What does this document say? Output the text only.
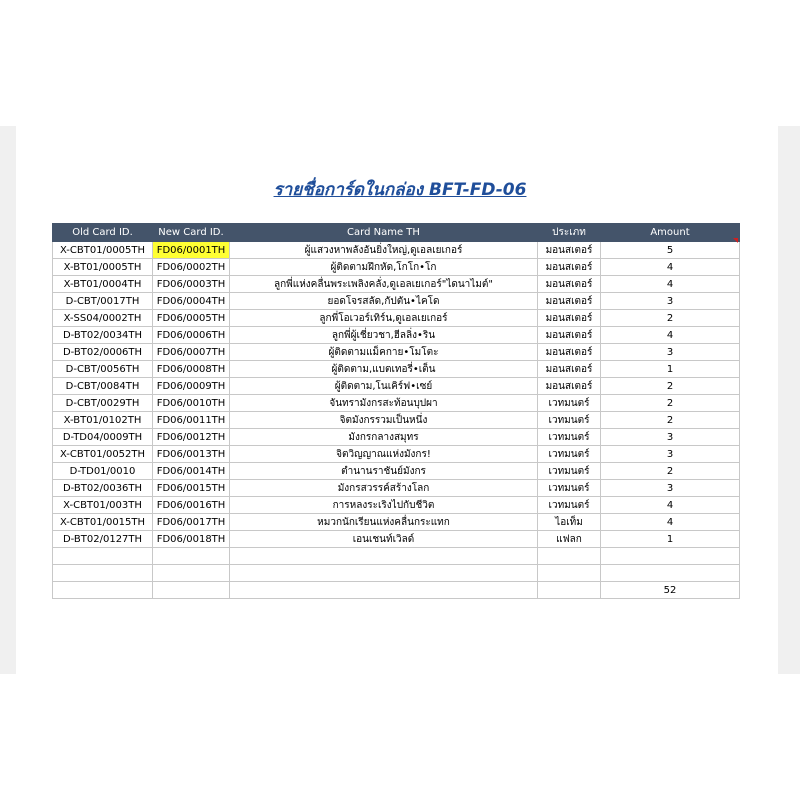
รายชื่อการ์ดในกล่อง BFT-FD-06
Old Card ID.	New Card ID.	Card Name TH	ประเภท	Amount
X-CBT01/0005TH	FD06/0001TH	ผู้แสวงหาพลังอันยิ่งใหญ่,ดูเอลเยเกอร์	มอนสเตอร์	5
X-BT01/0005TH	FD06/0002TH	ผู้ติดตามฝึกหัด,โกโก•โก	มอนสเตอร์	4
X-BT01/0004TH	FD06/0003TH	ลูกพี่แห่งคลื่นพระเพลิงคลั่ง,ดูเอลเยเกอร์"ไดนาไมต์"	มอนสเตอร์	4
D-CBT/0017TH	FD06/0004TH	ยอดโจรสลัด,กัปตัน•ไคโด	มอนสเตอร์	3
X-SS04/0002TH	FD06/0005TH	ลูกพี่โอเวอร์เทิร์น,ดูเอลเยเกอร์	มอนสเตอร์	2
D-BT02/0034TH	FD06/0006TH	ลูกพี่ผู้เชี่ยวชา,ฮีลลิ่ง•ริน	มอนสเตอร์	4
D-BT02/0006TH	FD06/0007TH	ผู้ติดตามแม็คกาย•โมโตะ	มอนสเตอร์	3
D-CBT/0056TH	FD06/0008TH	ผู้ติดตาม,แบตเทอรี่•เต็น	มอนสเตอร์	1
D-CBT/0084TH	FD06/0009TH	ผู้ติดตาม,โนเคิร์ฟ•เซย์	มอนสเตอร์	2
D-CBT/0029TH	FD06/0010TH	จันทรามังกรสะท้อนบุปผา	เวทมนตร์	2
X-BT01/0102TH	FD06/0011TH	จิตมังกรรวมเป็นหนึ่ง	เวทมนตร์	2
D-TD04/0009TH	FD06/0012TH	มังกรกลางสมุทร	เวทมนตร์	3
X-CBT01/0052TH	FD06/0013TH	จิตวิญญาณแห่งมังกร!	เวทมนตร์	3
D-TD01/0010	FD06/0014TH	ตำนานราชันย์มังกร	เวทมนตร์	2
D-BT02/0036TH	FD06/0015TH	มังกรสวรรค์สร้างโลก	เวทมนตร์	3
X-CBT01/003TH	FD06/0016TH	การหลงระเริงไปกับชีวิต	เวทมนตร์	4
X-CBT01/0015TH	FD06/0017TH	หมวกนักเรียนแห่งคลื่นกระแทก	ไอเท็ม	4
D-BT02/0127TH	FD06/0018TH	เอนเชนท์เวิลด์	แฟลก	1

				52
